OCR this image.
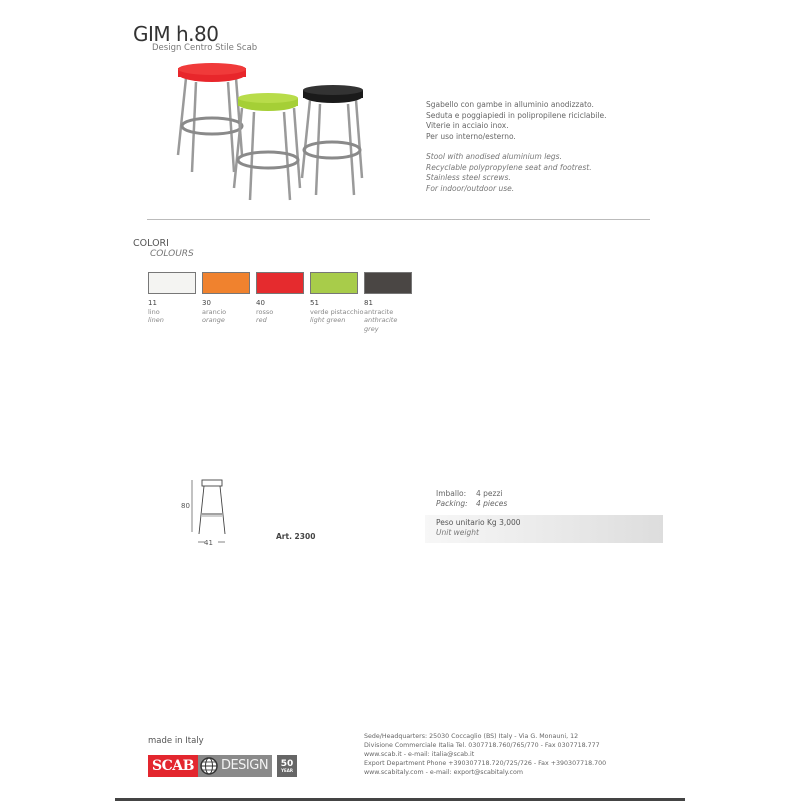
GIM h.80
Design Centro Stile Scab
Sgabello con gambe in alluminio anodizzato.
Seduta e poggiapiedi in polipropilene riciclabile.
Viterie in acciaio inox.
Per uso interno/esterno.
Stool with anodised aluminium legs.
Recyclable polypropylene seat and footrest.
Stainless steel screws.
For indoor/outdoor use.
COLORI
COLOURS
11
lino
linen
30
arancio
orange
40
rosso
red
51
verde pistacchio
light green
81
antracite
anthracite grey
80
41
Art. 2300
Imballo: 4 pezzi
Packing: 4 pieces
Peso unitario Kg 3,000
Unit weight
made in Italy
SCAB	DESIGN	50
YEAR
Sede/Headquarters: 25030 Coccaglio (BS) Italy - Via G. Monauni, 12
Divisione Commerciale Italia Tel. 0307718.760/765/770 - Fax 0307718.777
www.scab.it - e-mail: italia@scab.it
Export Department Phone +390307718.720/725/726 - Fax +390307718.700
www.scabitaly.com - e-mail: export@scabitaly.com
